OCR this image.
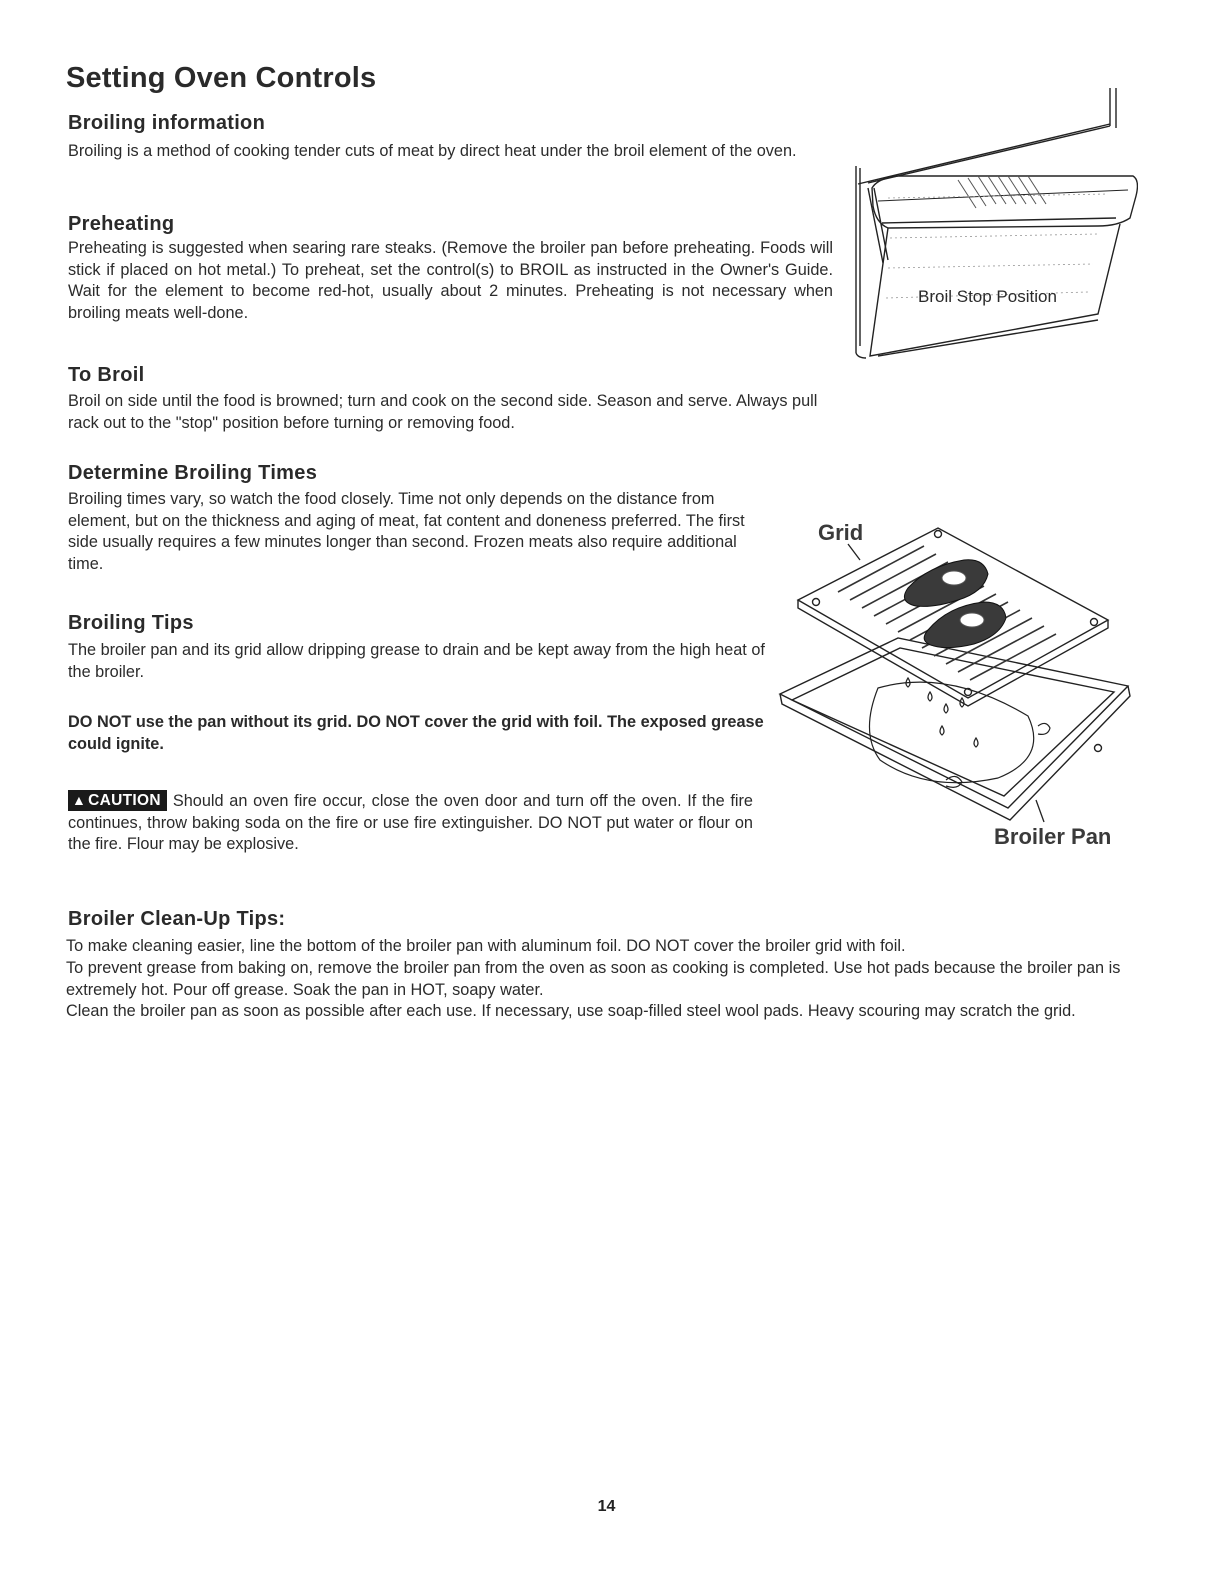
Setting Oven Controls
Broiling information

Broiling is a method of cooking tender cuts of meat by direct heat under the broil element of the oven.

Preheating

Preheating is suggested when searing rare steaks. (Remove the broiler pan before preheating. Foods will stick if placed on hot metal.) To preheat, set the control(s) to BROIL as instructed in the Owner's Guide. Wait for the element to become red-hot, usually about 2 minutes. Preheating is not necessary when broiling meats well-done.

To Broil

Broil on side until the food is browned; turn and cook on the second side. Season and serve. Always pull rack out to the "stop" position before turning or removing food.

Determine Broiling Times

Broiling times vary, so watch the food closely. Time not only depends on the distance from element, but on the thickness and aging of meat, fat content and doneness preferred. The first side usually requires a few minutes longer than second. Frozen meats also require additional time.

Broiling Tips

The broiler pan and its grid allow dripping grease to drain and be kept away from the high heat of the broiler.

DO NOT use the pan without its grid. DO NOT cover the grid with foil. The exposed grease could ignite.

▲ CAUTION Should an oven fire occur, close the oven door and turn off the oven. If the fire continues, throw baking soda on the fire or use fire extinguisher. DO NOT put water or flour on the fire. Flour may be explosive.

Broil Stop Position
Grid
Broiler Pan
Broiler Clean-Up Tips:

To make cleaning easier, line the bottom of the broiler pan with aluminum foil. DO NOT cover the broiler grid with foil.

To prevent grease from baking on, remove the broiler pan from the oven as soon as cooking is completed. Use hot pads because the broiler pan is extremely hot. Pour off grease. Soak the pan in HOT, soapy water.

Clean the broiler pan as soon as possible after each use. If necessary, use soap-filled steel wool pads. Heavy scouring may scratch the grid.

14
